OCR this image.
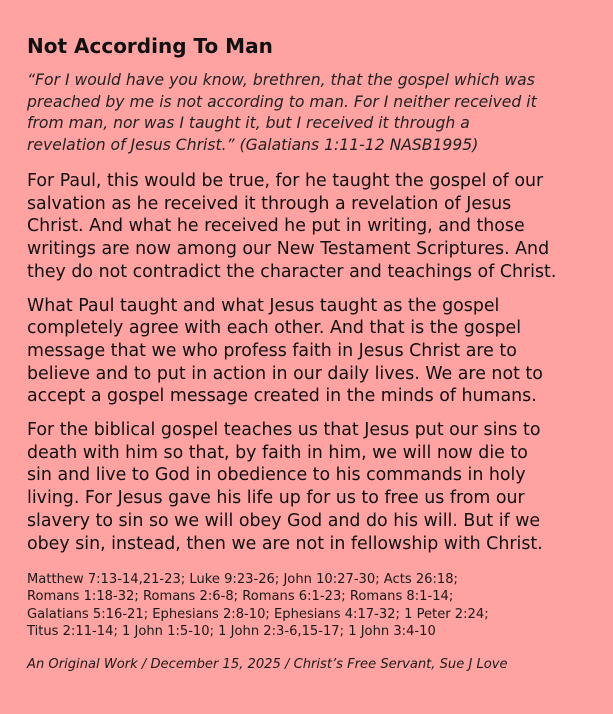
Not According To Man

“For I would have you know, brethren, that the gospel which was
preached by me is not according to man. For I neither received it
from man, nor was I taught it, but I received it through a
revelation of Jesus Christ.” (Galatians 1:11-12 NASB1995)

For Paul, this would be true, for he taught the gospel of our
salvation as he received it through a revelation of Jesus
Christ. And what he received he put in writing, and those
writings are now among our New Testament Scriptures. And
they do not contradict the character and teachings of Christ.

What Paul taught and what Jesus taught as the gospel
completely agree with each other. And that is the gospel
message that we who profess faith in Jesus Christ are to
believe and to put in action in our daily lives. We are not to
accept a gospel message created in the minds of humans.

For the biblical gospel teaches us that Jesus put our sins to
death with him so that, by faith in him, we will now die to
sin and live to God in obedience to his commands in holy
living. For Jesus gave his life up for us to free us from our
slavery to sin so we will obey God and do his will. But if we
obey sin, instead, then we are not in fellowship with Christ.

Matthew 7:13-14,21-23; Luke 9:23-26; John 10:27-30; Acts 26:18;
Romans 1:18-32; Romans 2:6-8; Romans 6:1-23; Romans 8:1-14;
Galatians 5:16-21; Ephesians 2:8-10; Ephesians 4:17-32; 1 Peter 2:24;
Titus 2:11-14; 1 John 1:5-10; 1 John 2:3-6,15-17; 1 John 3:4-10

An Original Work / December 15, 2025 / Christ’s Free Servant, Sue J Love
